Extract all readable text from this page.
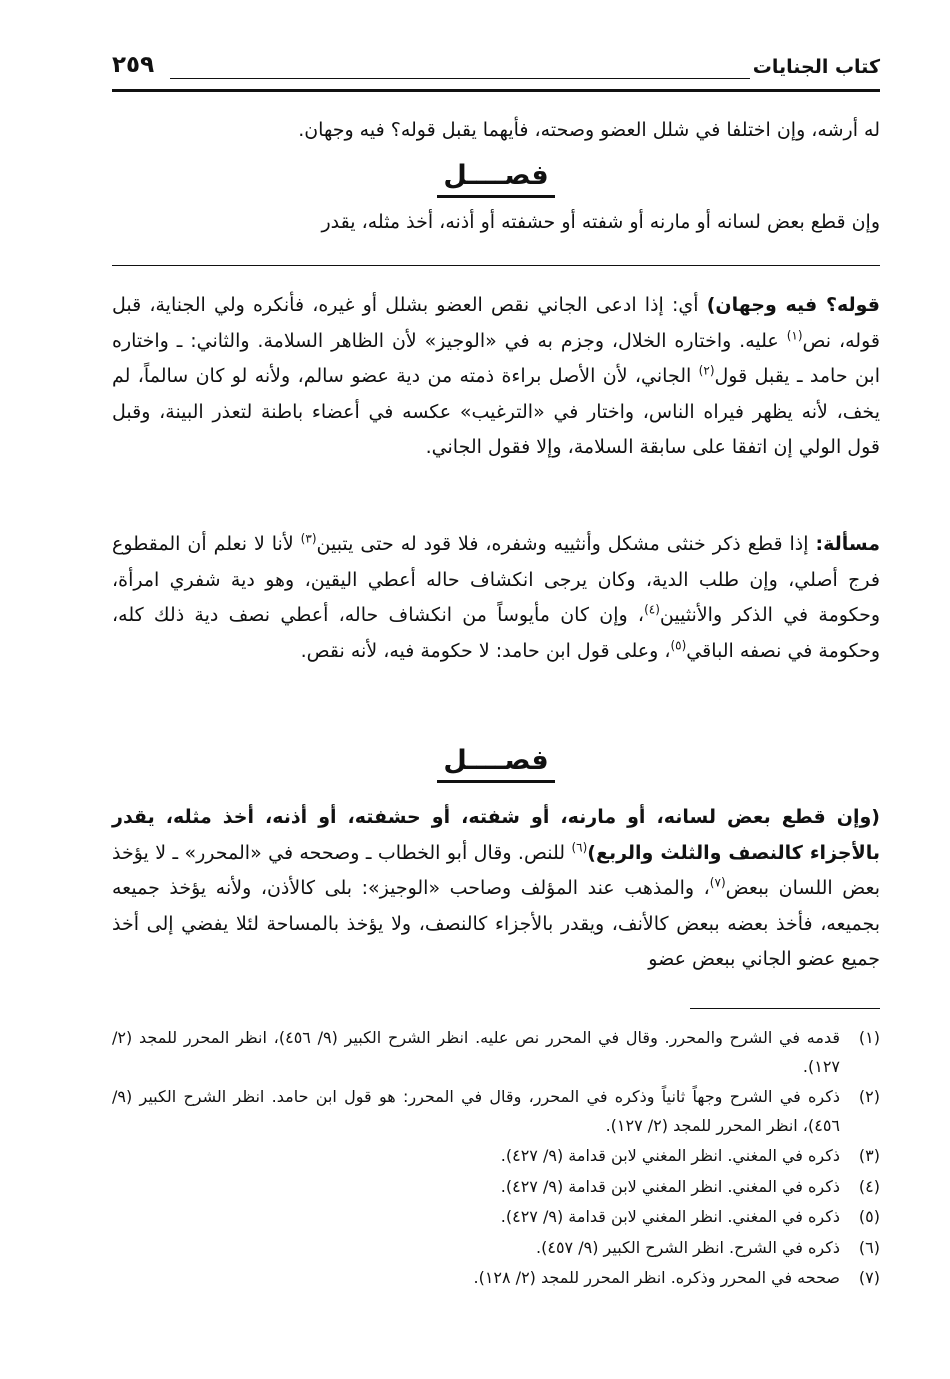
كتاب الجنايات
٢٥٩

له أرشه، وإن اختلفا في شلل العضو وصحته، فأيهما يقبل قوله؟ فيه وجهان.

فصــــل

وإن قطع بعض لسانه أو مارنه أو شفته أو حشفته أو أذنه، أخذ مثله، يقدر

قوله؟ فيه وجهان) أي: إذا ادعى الجاني نقص العضو بشلل أو غيره، فأنكره ولي الجناية، قبل قوله، نص$^{(١)}$ عليه. واختاره الخلال، وجزم به في «الوجيز» لأن الظاهر السلامة. والثاني: ـ واختاره ابن حامد ـ يقبل قول$^{(٢)}$ الجاني، لأن الأصل براءة ذمته من دية عضو سالم، ولأنه لو كان سالماً، لم يخف، لأنه يظهر فيراه الناس، واختار في «الترغيب» عكسه في أعضاء باطنة لتعذر البينة، وقبل قول الولي إن اتفقا على سابقة السلامة، وإلا فقول الجاني.

مسألة: إذا قطع ذكر خنثى مشكل وأنثييه وشفره، فلا قود له حتى يتبين$^{(٣)}$ لأنا لا نعلم أن المقطوع فرج أصلي، وإن طلب الدية، وكان يرجى انكشاف حاله أعطي اليقين، وهو دية شفري امرأة، وحكومة في الذكر والأنثيين$^{(٤)}$، وإن كان مأيوساً من انكشاف حاله، أعطي نصف دية ذلك كله، وحكومة في نصفه الباقي$^{(٥)}$، وعلى قول ابن حامد: لا حكومة فيه، لأنه نقص.

فصــــل

(وإن قطع بعض لسانه، أو مارنه، أو شفته، أو حشفته، أو أذنه، أخذ مثله، يقدر بالأجزاء كالنصف والثلث والربع)$^{(٦)}$ للنص. وقال أبو الخطاب ـ وصححه في «المحرر» ـ لا يؤخذ بعض اللسان ببعض$^{(٧)}$، والمذهب عند المؤلف وصاحب «الوجيز»: بلى كالأذن، ولأنه يؤخذ جميعه بجميعه، فأخذ بعضه ببعض كالأنف، ويقدر بالأجزاء كالنصف، ولا يؤخذ بالمساحة لئلا يفضي إلى أخذ جميع عضو الجاني ببعض عضو

(١)
قدمه في الشرح والمحرر. وقال في المحرر نص عليه. انظر الشرح الكبير (٩/ ٤٥٦)، انظر المحرر للمجد (٢/ ١٢٧).
(٢)
ذكره في الشرح وجهاً ثانياً وذكره في المحرر، وقال في المحرر: هو قول ابن حامد. انظر الشرح الكبير (٩/ ٤٥٦)، انظر المحرر للمجد (٢/ ١٢٧).
(٣)
ذكره في المغني. انظر المغني لابن قدامة (٩/ ٤٢٧).
(٤)
ذكره في المغني. انظر المغني لابن قدامة (٩/ ٤٢٧).
(٥)
ذكره في المغني. انظر المغني لابن قدامة (٩/ ٤٢٧).
(٦)
ذكره في الشرح. انظر الشرح الكبير (٩/ ٤٥٧).
(٧)
صححه في المحرر وذكره. انظر المحرر للمجد (٢/ ١٢٨).
